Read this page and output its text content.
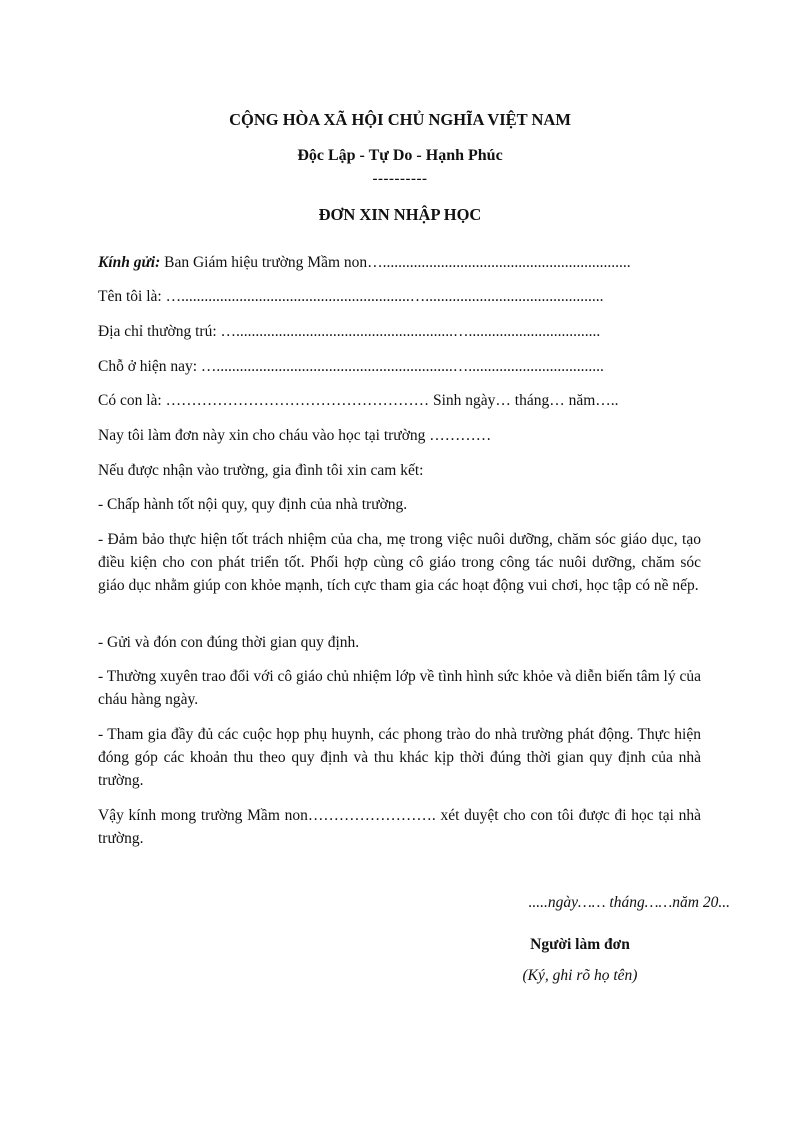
CỘNG HÒA XÃ HỘI CHỦ NGHĨA VIỆT NAM
Độc Lập - Tự Do - Hạnh Phúc
----------
ĐƠN XIN NHẬP HỌC
Kính gửi: Ban Giám hiệu trường Mầm non…................................................................
Tên tôi là: …...........................................................…..............................................
Địa chỉ thường trú: …........................................................…..................................
Chỗ ở hiện nay: ….............................................................…...................................
Có con là: …………………………………………… Sinh ngày… tháng… năm…..
Nay tôi làm đơn này xin cho cháu vào học tại trường …………
Nếu được nhận vào trường, gia đình tôi xin cam kết:
- Chấp hành tốt nội quy, quy định của nhà trường.
- Đảm bảo thực hiện tốt trách nhiệm của cha, mẹ trong việc nuôi dưỡng, chăm sóc giáo dục, tạo điều kiện cho con phát triển tốt. Phối hợp cùng cô giáo trong công tác nuôi dưỡng, chăm sóc giáo dục nhằm giúp con khỏe mạnh, tích cực tham gia các hoạt động vui chơi, học tập có nề nếp.
- Gửi và đón con đúng thời gian quy định.
- Thường xuyên trao đổi với cô giáo chủ nhiệm lớp về tình hình sức khỏe và diễn biến tâm lý của cháu hàng ngày.
- Tham gia đầy đủ các cuộc họp phụ huynh, các phong trào do nhà trường phát động. Thực hiện đóng góp các khoản thu theo quy định và thu khác kịp thời đúng thời gian quy định của nhà trường.
Vậy kính mong trường Mầm non……………………. xét duyệt cho con tôi được đi học tại nhà trường.
.....ngày…… tháng……năm 20...
Người làm đơn
(Ký, ghi rõ họ tên)
